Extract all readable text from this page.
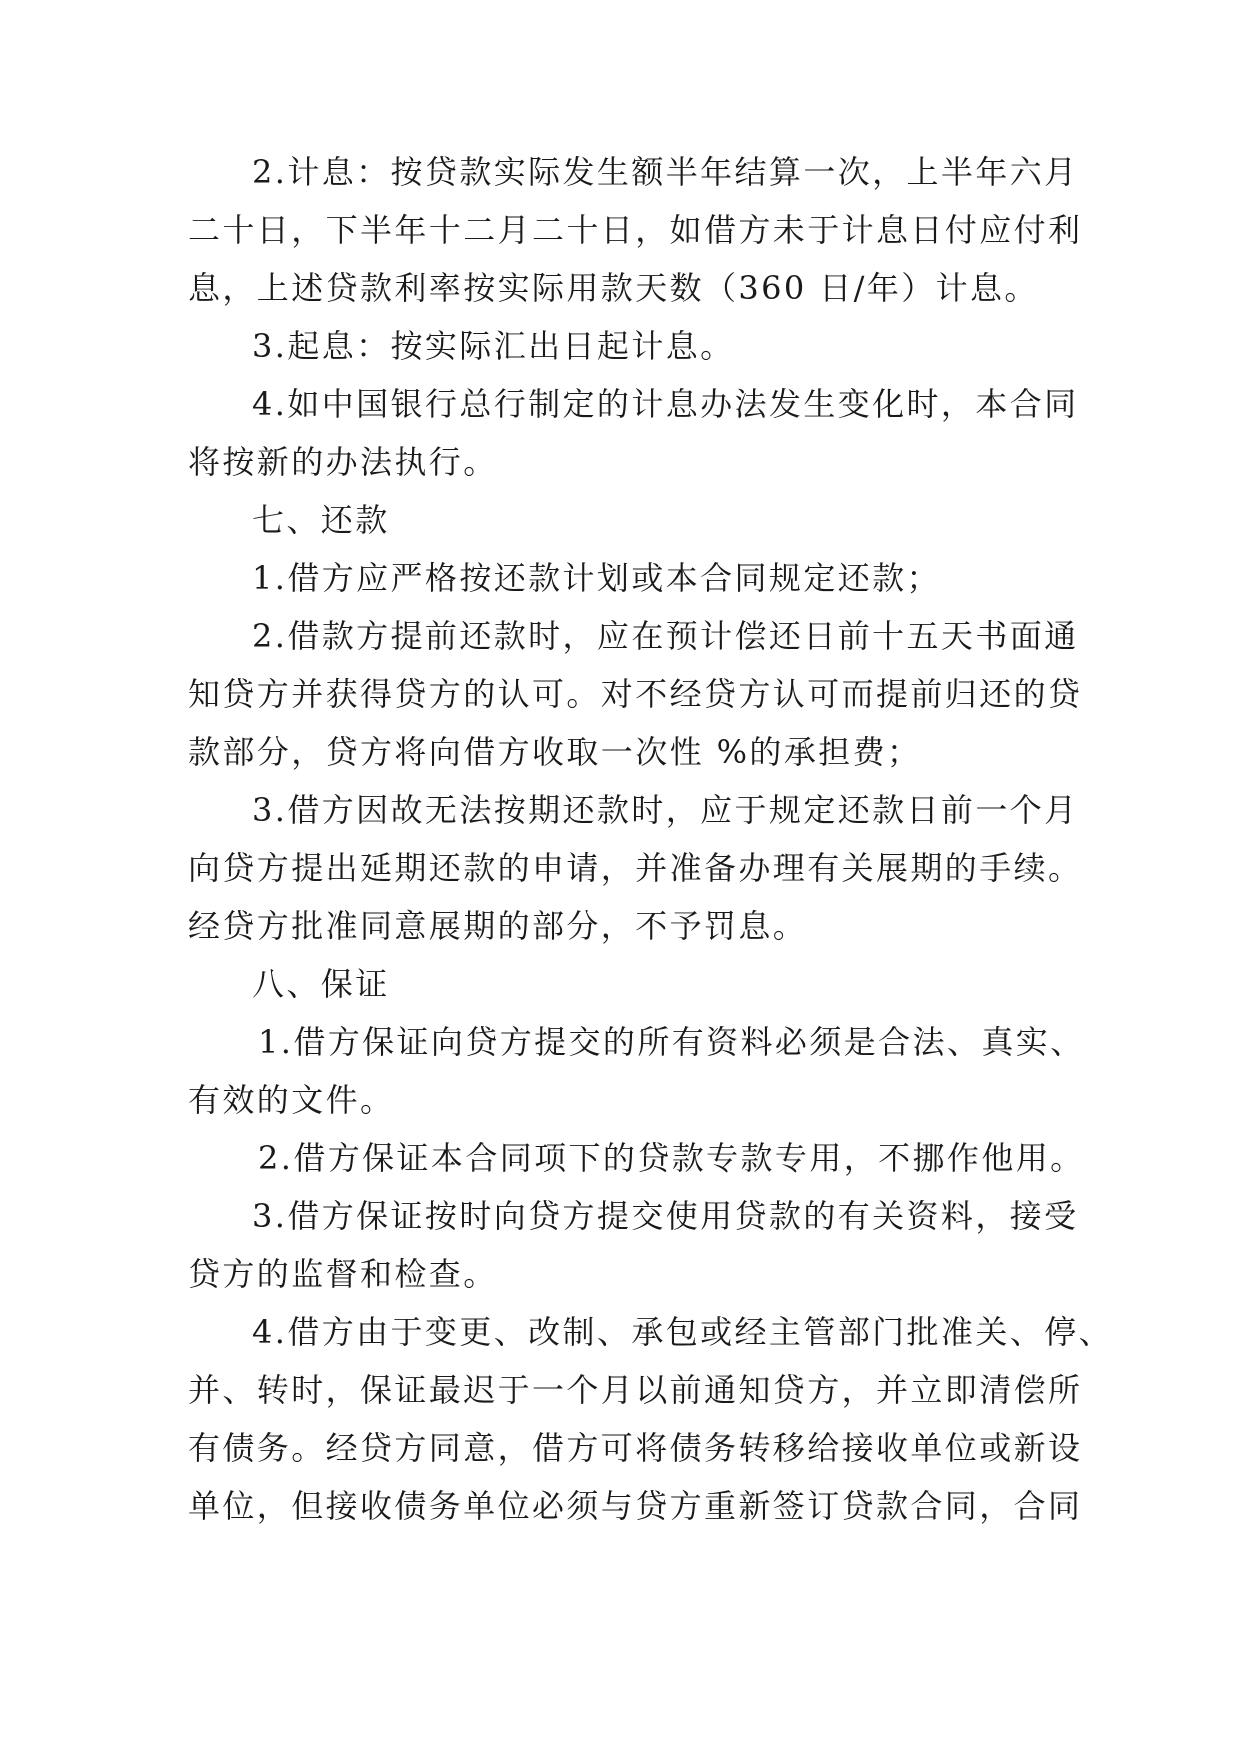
2.计息：按贷款实际发生额半年结算一次，上半年六月
二十日，下半年十二月二十日，如借方未于计息日付应付利
息，上述贷款利率按实际用款天数（360 日/年）计息。
3.起息：按实际汇出日起计息。
4.如中国银行总行制定的计息办法发生变化时，本合同
将按新的办法执行。
七、还款
1.借方应严格按还款计划或本合同规定还款；
2.借款方提前还款时，应在预计偿还日前十五天书面通
知贷方并获得贷方的认可。对不经贷方认可而提前归还的贷
款部分，贷方将向借方收取一次性 %的承担费；
3.借方因故无法按期还款时，应于规定还款日前一个月
向贷方提出延期还款的申请，并准备办理有关展期的手续。
经贷方批准同意展期的部分，不予罚息。
八、保证
1.借方保证向贷方提交的所有资料必须是合法、真实、
有效的文件。
2.借方保证本合同项下的贷款专款专用，不挪作他用。
3.借方保证按时向贷方提交使用贷款的有关资料，接受
贷方的监督和检查。
4.借方由于变更、改制、承包或经主管部门批准关、停、
并、转时，保证最迟于一个月以前通知贷方，并立即清偿所
有债务。经贷方同意，借方可将债务转移给接收单位或新设
单位，但接收债务单位必须与贷方重新签订贷款合同，合同
